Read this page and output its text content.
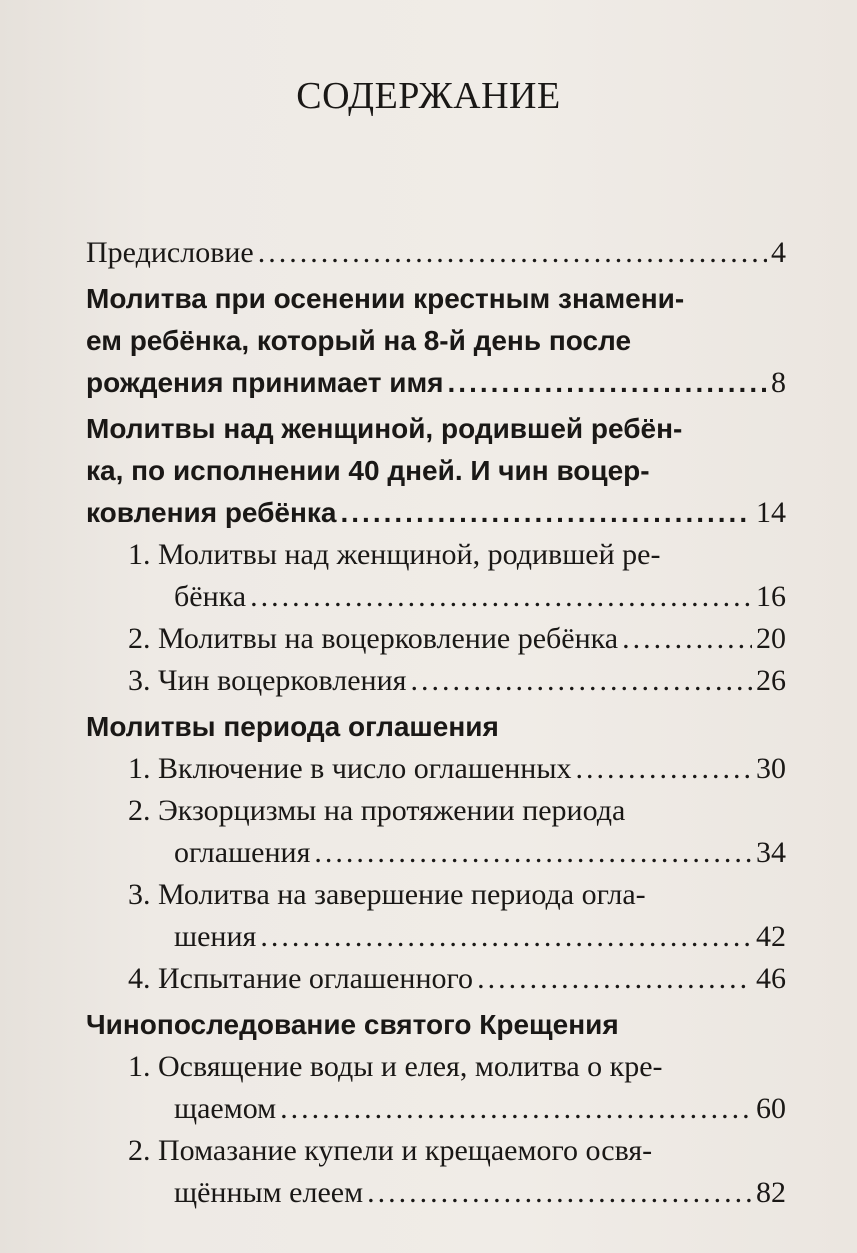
СОДЕРЖАНИЕ
Предисловие .....	4
Молитва при осенении крестным знамени-
ем ребёнка, который на 8-й день после
рождения принимает имя .....	8
Молитвы над женщиной, родившей ребён-
ка, по исполнении 40 дней. И чин воцер-
ковления ребёнка .....	14
1. Молитвы над женщиной, родившей ре-
бёнка .....	16
2. Молитвы на воцерковление ребёнка .....	20
3. Чин воцерковления .....	26
Молитвы периода оглашения
1. Включение в число оглашенных .....	30
2. Экзорцизмы на протяжении периода
оглашения .....	34
3. Молитва на завершение периода огла-
шения .....	42
4. Испытание оглашенного .....	46
Чинопоследование святого Крещения
1. Освящение воды и елея, молитва о кре-
щаемом .....	60
2. Помазание купели и крещаемого освя-
щённым елеем .....	82
